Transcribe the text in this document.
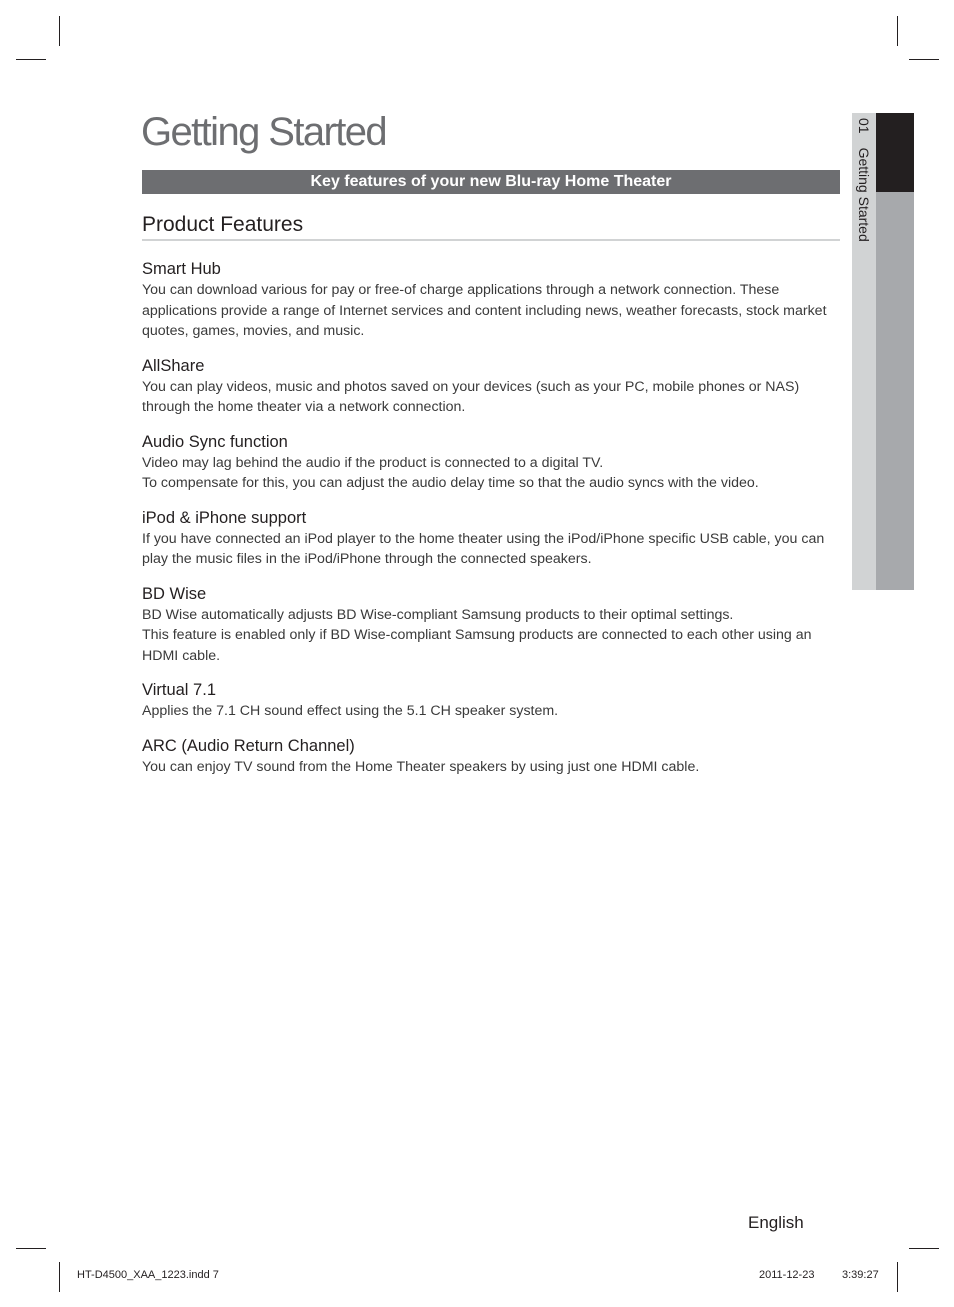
01Getting Started
Getting Started
Key features of your new Blu-ray Home Theater
Product Features
Smart Hub

You can download various for pay or free-of charge applications through a network connection. These applications provide a range of Internet services and content including news, weather forecasts, stock market quotes, games, movies, and music.

AllShare

You can play videos, music and photos saved on your devices (such as your PC, mobile phones or NAS) through the home theater via a network connection.

Audio Sync function

Video may lag behind the audio if the product is connected to a digital TV.

To compensate for this, you can adjust the audio delay time so that the audio syncs with the video.

iPod & iPhone support

If you have connected an iPod player to the home theater using the iPod/iPhone specific USB cable, you can play the music files in the iPod/iPhone through the connected speakers.

BD Wise

BD Wise automatically adjusts BD Wise-compliant Samsung products to their optimal settings.

This feature is enabled only if BD Wise-compliant Samsung products are connected to each other using an HDMI cable.

Virtual 7.1

Applies the 7.1 CH sound effect using the 5.1 CH speaker system.

ARC (Audio Return Channel)

You can enjoy TV sound from the Home Theater speakers by using just one HDMI cable.

English
HT-D4500_XAA_1223.indd 7	2011-12-23	3:39:27
